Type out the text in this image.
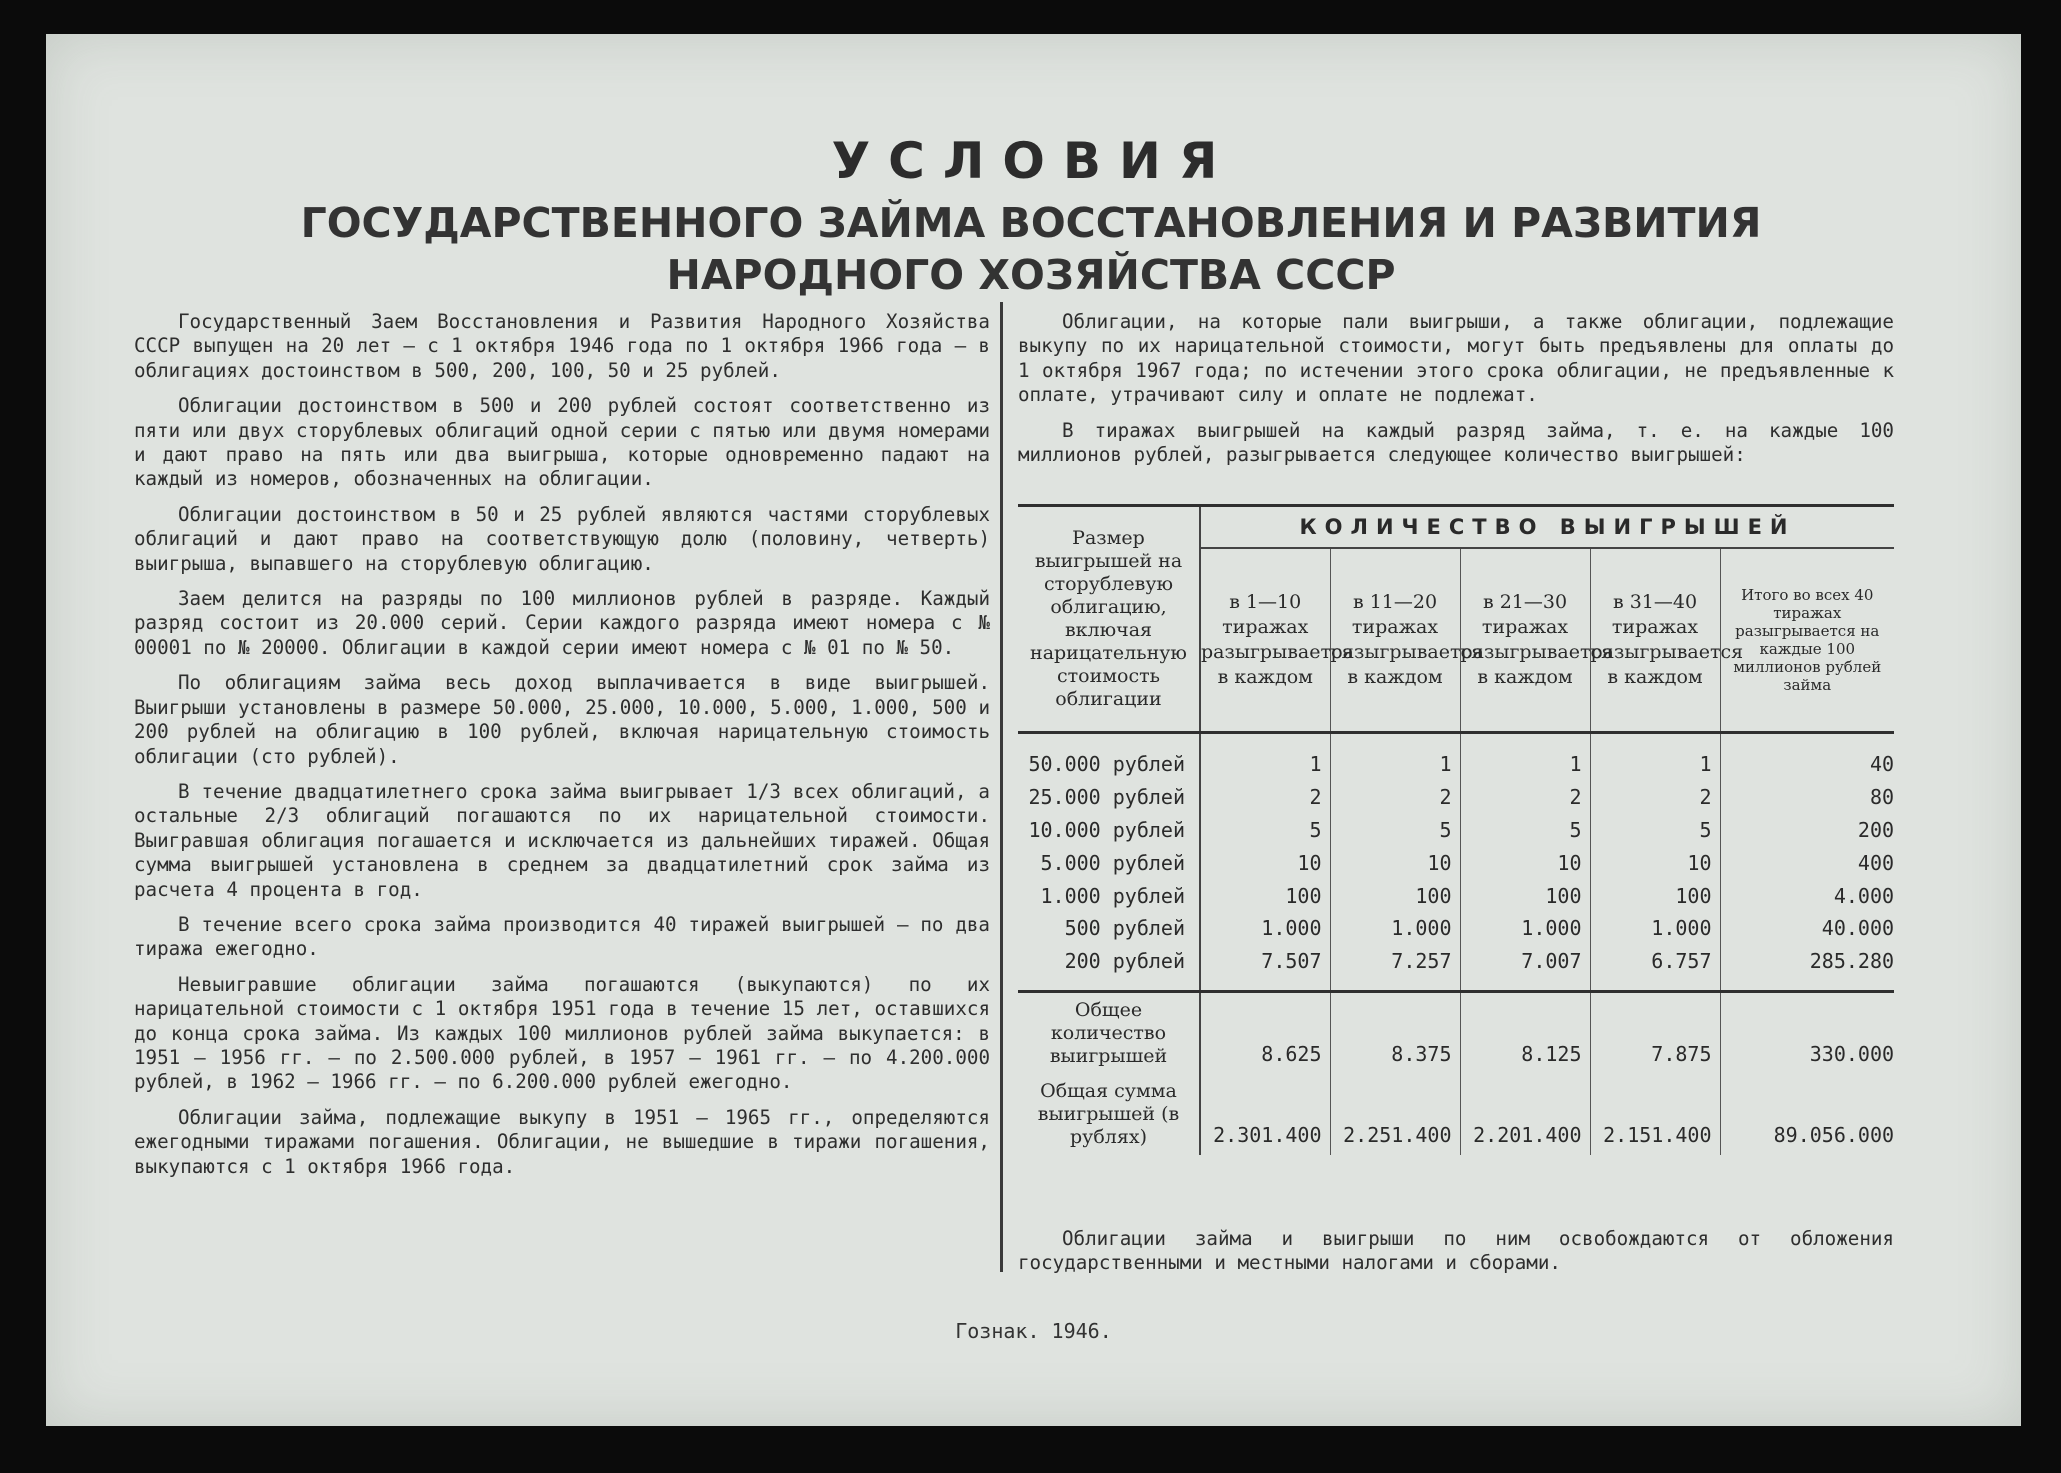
УСЛОВИЯ
ГОСУДАРСТВЕННОГО ЗАЙМА ВОССТАНОВЛЕНИЯ И РАЗВИТИЯ НАРОДНОГО ХОЗЯЙСТВА СССР

Государственный Заем Восстановления и Развития Народного Хозяйства СССР выпущен на 20 лет — с 1 октября 1946 года по 1 октября 1966 года — в облигациях достоинством в 500, 200, 100, 50 и 25 рублей.

Облигации достоинством в 500 и 200 рублей состоят соответственно из пяти или двух сторублевых облигаций одной серии с пятью или двумя номерами и дают право на пять или два выигрыша, которые одновременно падают на каждый из номеров, обозначенных на облигации.

Облигации достоинством в 50 и 25 рублей являются частями сторублевых облигаций и дают право на соответствующую долю (половину, четверть) выигрыша, выпавшего на сторублевую облигацию.

Заем делится на разряды по 100 миллионов рублей в разряде. Каждый разряд состоит из 20.000 серий. Серии каждого разряда имеют номера с № 00001 по № 20000. Облигации в каждой серии имеют номера с № 01 по № 50.

По облигациям займа весь доход выплачивается в виде выигрышей. Выигрыши установлены в размере 50.000, 25.000, 10.000, 5.000, 1.000, 500 и 200 рублей на облигацию в 100 рублей, включая нарицательную стоимость облигации (сто рублей).

В течение двадцатилетнего срока займа выигрывает 1/3 всех облигаций, а остальные 2/3 облигаций погашаются по их нарицательной стоимости. Выигравшая облигация погашается и исключается из дальнейших тиражей. Общая сумма выигрышей установлена в среднем за двадцатилетний срок займа из расчета 4 процента в год.

В течение всего срока займа производится 40 тиражей выигрышей — по два тиража ежегодно.

Невыигравшие облигации займа погашаются (выкупаются) по их нарицательной стоимости с 1 октября 1951 года в течение 15 лет, оставшихся до конца срока займа. Из каждых 100 миллионов рублей займа выкупается: в 1951 — 1956 гг. — по 2.500.000 рублей, в 1957 — 1961 гг. — по 4.200.000 рублей, в 1962 — 1966 гг. — по 6.200.000 рублей ежегодно.

Облигации займа, подлежащие выкупу в 1951 — 1965 гг., определяются ежегодными тиражами погашения. Облигации, не вышедшие в тиражи погашения, выкупаются с 1 октября 1966 года.

Облигации, на которые пали выигрыши, а также облигации, подлежащие выкупу по их нарицательной стоимости, могут быть предъявлены для оплаты до 1 октября 1967 года; по истечении этого срока облигации, не предъявленные к оплате, утрачивают силу и оплате не подлежат.

В тиражах выигрышей на каждый разряд займа, т. е. на каждые 100 миллионов рублей, разыгрывается следующее количество выигрышей:

Размер выигрышей на сторублевую облигацию, включая нарицательную стоимость облигации	КОЛИЧЕСТВО ВЫИГРЫШЕЙ				
	в 1—10 тиражах разыгрывается в каждом	в 11—20 тиражах разыгрывается в каждом	в 21—30 тиражах разыгрывается в каждом	в 31—40 тиражах разыгрывается в каждом	Итого во всех 40 тиражах разыгрывается на каждые 100 миллионов рублей займа
50.000 рублей	1	1	1	1	40
25.000 рублей	2	2	2	2	80
10.000 рублей	5	5	5	5	200
5.000 рублей	10	10	10	10	400
1.000 рублей	100	100	100	100	4.000
500 рублей	1.000	1.000	1.000	1.000	40.000
200 рублей	7.507	7.257	7.007	6.757	285.280
Общее количество выигрышей	8.625	8.375	8.125	7.875	330.000
Общая сумма выигрышей (в рублях)	2.301.400	2.251.400	2.201.400	2.151.400	89.056.000

Облигации займа и выигрыши по ним освобождаются от обложения государственными и местными налогами и сборами.

Гознак. 1946.
